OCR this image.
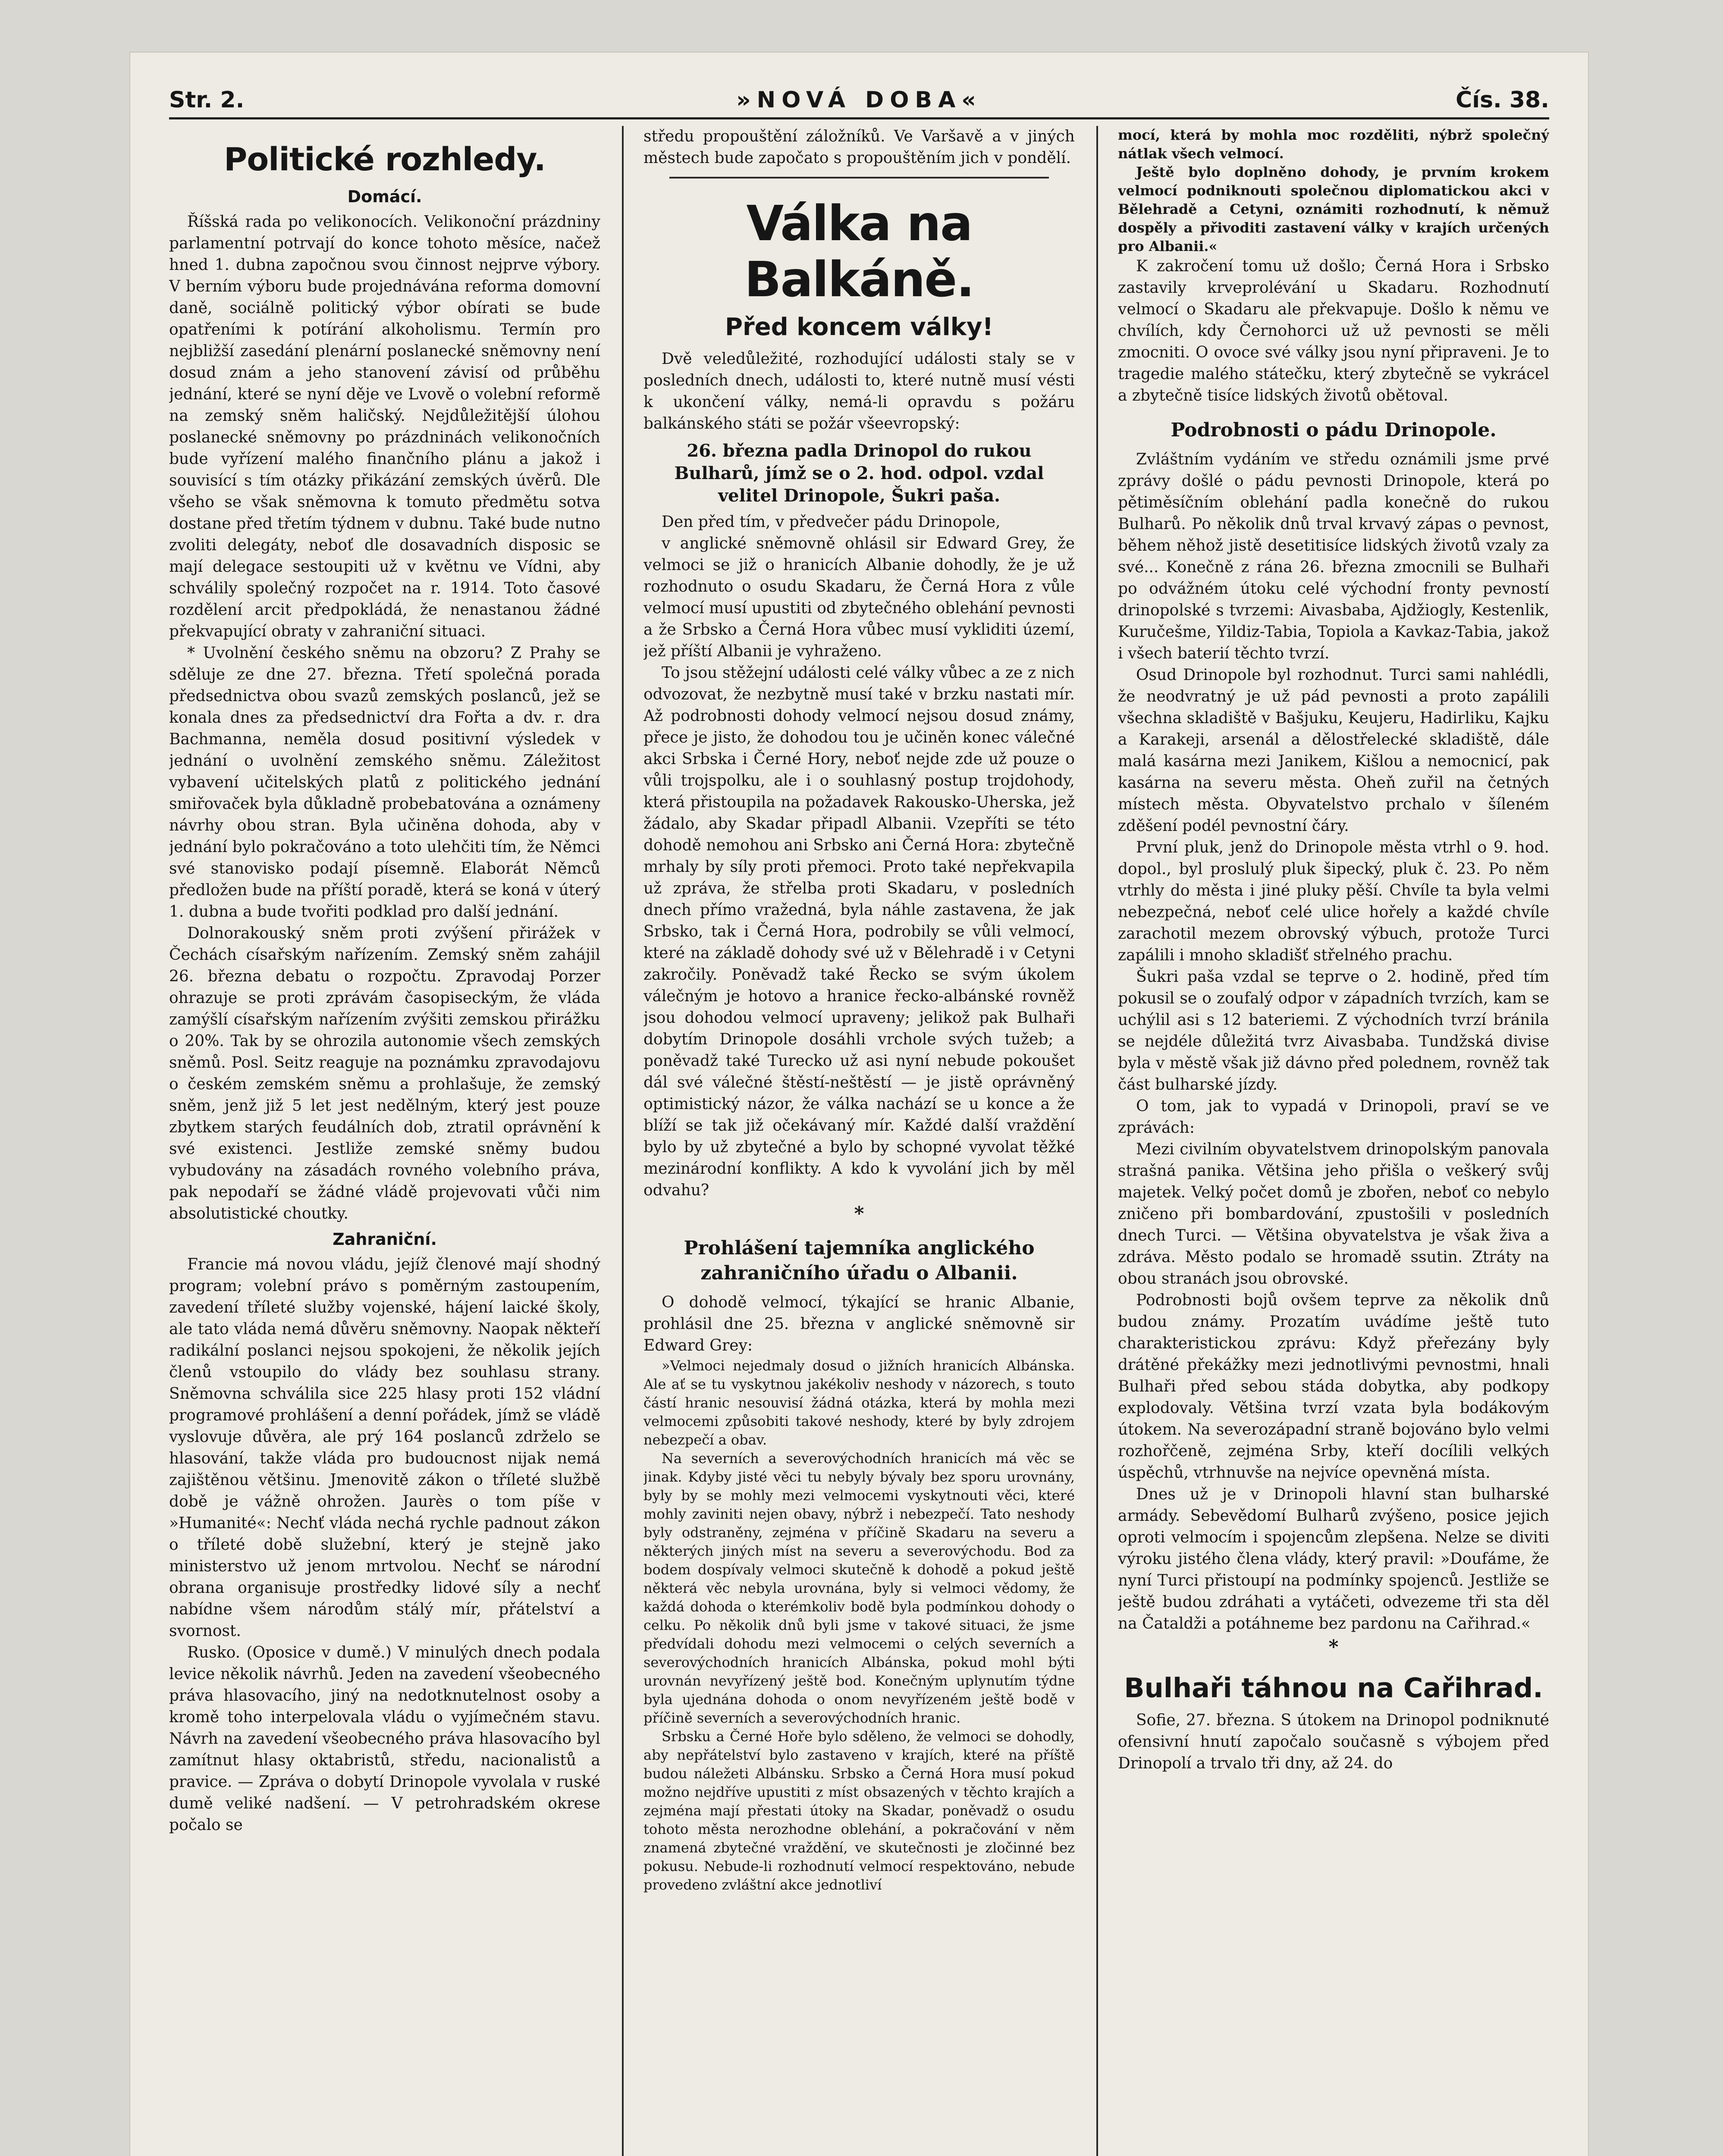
Str. 2.	»NOVÁ DOBA«	Čís. 38.
Politické rozhledy.
Domácí.

Říšská rada po velikonocích. Velikonoční prázdniny parlamentní potrvají do konce tohoto měsíce, načež hned 1. dubna započnou svou činnost nejprve výbory. V berním výboru bude projednávána reforma domovní daně, sociálně politický výbor obírati se bude opatřeními k potírání alkoholismu. Termín pro nejbližší zasedání plenární poslanecké sněmovny není dosud znám a jeho stanovení závisí od průběhu jednání, které se nyní děje ve Lvově o volební reformě na zemský sněm haličský. Nejdůležitější úlohou poslanecké sněmovny po prázdninách velikonočních bude vyřízení malého finančního plánu a jakož i souvisící s tím otázky přikázání zemských úvěrů. Dle všeho se však sněmovna k tomuto předmětu sotva dostane před třetím týdnem v dubnu. Také bude nutno zvoliti delegáty, neboť dle dosavadních disposic se mají delegace sestoupiti už v květnu ve Vídni, aby schválily společný rozpočet na r. 1914. Toto časové rozdělení arcit předpokládá, že nenastanou žádné překvapující obraty v zahraniční situaci.

* Uvolnění českého sněmu na obzoru? Z Prahy se sděluje ze dne 27. března. Třetí společná porada předsednictva obou svazů zemských poslanců, jež se konala dnes za předsednictví dra Fořta a dv. r. dra Bachmanna, neměla dosud positivní výsledek v jednání o uvolnění zemského sněmu. Záležitost vybavení učitelských platů z politického jednání smiřovaček byla důkladně probebatována a oznámeny návrhy obou stran. Byla učiněna dohoda, aby v jednání bylo pokračováno a toto ulehčiti tím, že Němci své stanovisko podají písemně. Elaborát Němců předložen bude na příští poradě, která se koná v úterý 1. dubna a bude tvořiti podklad pro další jednání.

Dolnorakouský sněm proti zvýšení přirážek v Čechách císařským nařízením. Zemský sněm zahájil 26. března debatu o rozpočtu. Zpravodaj Porzer ohrazuje se proti zprávám časopiseckým, že vláda zamýšlí císařským nařízením zvýšiti zemskou přirážku o 20%. Tak by se ohrozila autonomie všech zemských sněmů. Posl. Seitz reaguje na poznámku zpravodajovu o českém zemském sněmu a prohlašuje, že zemský sněm, jenž již 5 let jest nedělným, který jest pouze zbytkem starých feudálních dob, ztratil oprávnění k své existenci. Jestliže zemské sněmy budou vybudovány na zásadách rovného volebního práva, pak nepodaří se žádné vládě projevovati vůči nim absolutistické choutky.

Zahraniční.

Francie má novou vládu, jejíž členové mají shodný program; volební právo s poměrným zastoupením, zavedení tříleté služby vojenské, hájení laické školy, ale tato vláda nemá důvěru sněmovny. Naopak někteří radikální poslanci nejsou spokojeni, že několik jejích členů vstoupilo do vlády bez souhlasu strany. Sněmovna schválila sice 225 hlasy proti 152 vládní programové prohlášení a denní pořádek, jímž se vládě vyslovuje důvěra, ale prý 164 poslanců zdrželo se hlasování, takže vláda pro budoucnost nijak nemá zajištěnou většinu. Jmenovitě zákon o tříleté službě době je vážně ohrožen. Jaurès o tom píše v »Humanité«: Nechť vláda nechá rychle padnout zákon o tříleté době služební, který je stejně jako ministerstvo už jenom mrtvolou. Nechť se národní obrana organisuje prostředky lidové síly a nechť nabídne všem národům stálý mír, přátelství a svornost.

Rusko. (Oposice v dumě.) V minulých dnech podala levice několik návrhů. Jeden na zavedení všeobecného práva hlasovacího, jiný na nedotknutelnost osoby a kromě toho interpelovala vládu o vyjímečném stavu. Návrh na zavedení všeobecného práva hlasovacího byl zamítnut hlasy oktabristů, středu, nacionalistů a pravice. — Zpráva o dobytí Drinopole vyvolala v ruské dumě veliké nadšení. — V petrohradském okrese počalo se

středu propouštění záložníků. Ve Varšavě a v jiných městech bude započato s propouštěním jich v pondělí.

Válka na Balkáně.
Před koncem války!

Dvě veledůležité, rozhodující události staly se v posledních dnech, události to, které nutně musí vésti k ukončení války, nemá-li opravdu s požáru balkánského státi se požár všeevropský:

26. března padla Drinopol do rukou Bulharů, jímž se o 2. hod. odpol. vzdal velitel Drinopole, Šukri paša.

Den před tím, v předvečer pádu Drinopole,

v anglické sněmovně ohlásil sir Edward Grey, že velmoci se již o hranicích Albanie dohodly, že je už rozhodnuto o osudu Skadaru, že Černá Hora z vůle velmocí musí upustiti od zbytečného oblehání pevnosti a že Srbsko a Černá Hora vůbec musí vykliditi území, jež příští Albanii je vyhraženo.

To jsou stěžejní události celé války vůbec a ze z nich odvozovat, že nezbytně musí také v brzku nastati mír. Až podrobnosti dohody velmocí nejsou dosud známy, přece je jisto, že dohodou tou je učiněn konec válečné akci Srbska i Černé Hory, neboť nejde zde už pouze o vůli trojspolku, ale i o souhlasný postup trojdohody, která přistoupila na požadavek Rakousko-Uherska, jež žádalo, aby Skadar připadl Albanii. Vzepříti se této dohodě nemohou ani Srbsko ani Černá Hora: zbytečně mrhaly by síly proti přemoci. Proto také nepřekvapila už zpráva, že střelba proti Skadaru, v posledních dnech přímo vražedná, byla náhle zastavena, že jak Srbsko, tak i Černá Hora, podrobily se vůli velmocí, které na základě dohody své už v Bělehradě i v Cetyni zakročily. Poněvadž také Řecko se svým úkolem válečným je hotovo a hranice řecko-albánské rovněž jsou dohodou velmocí upraveny; jelikož pak Bulhaři dobytím Drinopole dosáhli vrchole svých tužeb; a poněvadž také Turecko už asi nyní nebude pokoušet dál své válečné štěstí-neštěstí — je jistě oprávněný optimistický názor, že válka nachází se u konce a že blíží se tak již očekávaný mír. Každé další vraždění bylo by už zbytečné a bylo by schopné vyvolat těžké mezinárodní konflikty. A kdo k vyvolání jich by měl odvahu?

*
Prohlášení tajemníka anglického zahraničního úřadu o Albanii.

O dohodě velmocí, týkající se hranic Albanie, prohlásil dne 25. března v anglické sněmovně sir Edward Grey:

»Velmoci nejedmaly dosud o jižních hranicích Albánska. Ale ať se tu vyskytnou jakékoliv neshody v názorech, s touto částí hranic nesouvisí žádná otázka, která by mohla mezi velmocemi způsobiti takové neshody, které by byly zdrojem nebezpečí a obav.

Na severních a severovýchodních hranicích má věc se jinak. Kdyby jisté věci tu nebyly bývaly bez sporu urovnány, byly by se mohly mezi velmocemi vyskytnouti věci, které mohly zaviniti nejen obavy, nýbrž i nebezpečí. Tato neshody byly odstraněny, zejména v příčině Skadaru na severu a některých jiných míst na severu a severovýchodu. Bod za bodem dospívaly velmoci skutečně k dohodě a pokud ještě některá věc nebyla urovnána, byly si velmoci vědomy, že každá dohoda o kterémkoliv bodě byla podmínkou dohody o celku. Po několik dnů byli jsme v takové situaci, že jsme předvídali dohodu mezi velmocemi o celých severních a severovýchodních hranicích Albánska, pokud mohl býti urovnán nevyřízený ještě bod. Konečným uplynutím týdne byla ujednána dohoda o onom nevyřízeném ještě bodě v příčině severních a severovýchodních hranic.

Srbsku a Černé Hoře bylo sděleno, že velmoci se dohodly, aby nepřátelství bylo zastaveno v krajích, které na příště budou náležeti Albánsku. Srbsko a Černá Hora musí pokud možno nejdříve upustiti z míst obsazených v těchto krajích a zejména mají přestati útoky na Skadar, poněvadž o osudu tohoto města nerozhodne oblehání, a pokračování v něm znamená zbytečné vraždění, ve skutečnosti je zločinné bez pokusu. Nebude-li rozhodnutí velmocí respektováno, nebude provedeno zvláštní akce jednotliví

mocí, která by mohla moc rozděliti, nýbrž společný nátlak všech velmocí.

Ještě bylo doplněno dohody, je prvním krokem velmocí podniknouti společnou diplomatickou akci v Bělehradě a Cetyni, oznámiti rozhodnutí, k němuž dospěly a přivoditi zastavení války v krajích určených pro Albanii.«

K zakročení tomu už došlo; Černá Hora i Srbsko zastavily krveprolévání u Skadaru. Rozhodnutí velmocí o Skadaru ale překvapuje. Došlo k němu ve chvílích, kdy Černohorci už už pevnosti se měli zmocniti. O ovoce své války jsou nyní připraveni. Je to tragedie malého státečku, který zbytečně se vykrácel a zbytečně tisíce lidských životů obětoval.

Podrobnosti o pádu Drinopole.

Zvláštním vydáním ve středu oznámili jsme prvé zprávy došlé o pádu pevnosti Drinopole, která po pětiměsíčním oblehání padla konečně do rukou Bulharů. Po několik dnů trval krvavý zápas o pevnost, během něhož jistě desetitisíce lidských životů vzaly za své... Konečně z rána 26. března zmocnili se Bulhaři po odvážném útoku celé východní fronty pevností drinopolské s tvrzemi: Aivasbaba, Ajdžiogly, Kestenlik, Kuručešme, Yildiz-Tabia, Topiola a Kavkaz-Tabia, jakož i všech baterií těchto tvrzí.

Osud Drinopole byl rozhodnut. Turci sami nahlédli, že neodvratný je už pád pevnosti a proto zapálili všechna skladiště v Bašjuku, Keujeru, Hadirliku, Kajku a Karakeji, arsenál a dělostřelecké skladiště, dále malá kasárna mezi Janikem, Kišlou a nemocnicí, pak kasárna na severu města. Oheň zuřil na četných místech města. Obyvatelstvo prchalo v šíleném zděšení podél pevnostní čáry.

První pluk, jenž do Drinopole města vtrhl o 9. hod. dopol., byl proslulý pluk šipecký, pluk č. 23. Po něm vtrhly do města i jiné pluky pěší. Chvíle ta byla velmi nebezpečná, neboť celé ulice hořely a každé chvíle zarachotil mezem obrovský výbuch, protože Turci zapálili i mnoho skladišť střelného prachu.

Šukri paša vzdal se teprve o 2. hodině, před tím pokusil se o zoufalý odpor v západních tvrzích, kam se uchýlil asi s 12 bateriemi. Z východních tvrzí bránila se nejdéle důležitá tvrz Aivasbaba. Tundžská divise byla v městě však již dávno před polednem, rovněž tak část bulharské jízdy.

O tom, jak to vypadá v Drinopoli, praví se ve zprávách:

Mezi civilním obyvatelstvem drinopolským panovala strašná panika. Většina jeho přišla o veškerý svůj majetek. Velký počet domů je zbořen, neboť co nebylo zničeno při bombardování, zpustošili v posledních dnech Turci. — Většina obyvatelstva je však živa a zdráva. Město podalo se hromadě ssutin. Ztráty na obou stranách jsou obrovské.

Podrobnosti bojů ovšem teprve za několik dnů budou známy. Prozatím uvádíme ještě tuto charakteristickou zprávu: Když přeřezány byly drátěné překážky mezi jednotlivými pevnostmi, hnali Bulhaři před sebou stáda dobytka, aby podkopy explodovaly. Většina tvrzí vzata byla bodákovým útokem. Na severozápadní straně bojováno bylo velmi rozhořčeně, zejména Srby, kteří docílili velkých úspěchů, vtrhnuvše na nejvíce opevněná místa.

Dnes už je v Drinopoli hlavní stan bulharské armády. Sebevědomí Bulharů zvýšeno, posice jejich oproti velmocím i spojencům zlepšena. Nelze se diviti výroku jistého člena vlády, který pravil: »Doufáme, že nyní Turci přistoupí na podmínky spojenců. Jestliže se ještě budou zdráhati a vytáčeti, odvezeme tři sta děl na Čataldži a potáhneme bez pardonu na Cařihrad.«

*
Bulhaři táhnou na Cařihrad.

Sofie, 27. března. S útokem na Drinopol podniknuté ofensivní hnutí započalo současně s výbojem před Drinopolí a trvalo tři dny, až 24. do
